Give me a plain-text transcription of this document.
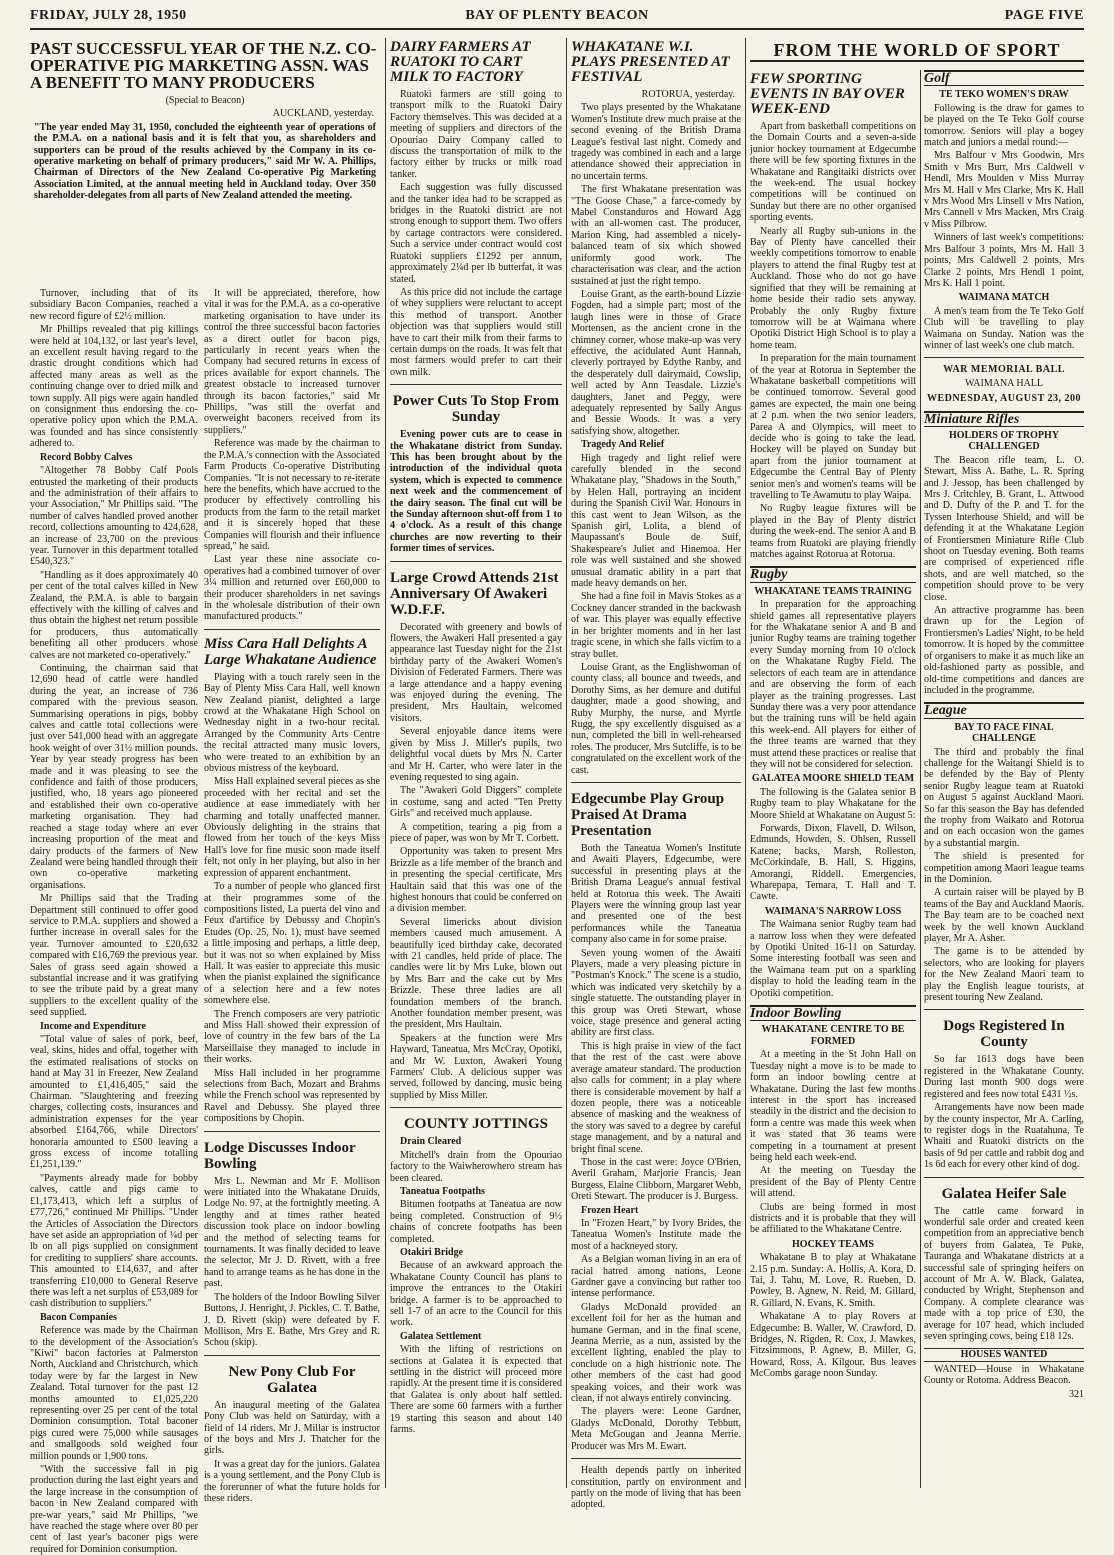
FRIDAY, JULY 28, 1950	BAY OF PLENTY BEACON	PAGE FIVE
PAST SUCCESSFUL YEAR OF THE N.Z. CO-OPERATIVE PIG MARKETING ASSN. WAS A BENEFIT TO MANY PRODUCERS
(Special to Beacon)
AUCKLAND, yesterday.
"The year ended May 31, 1950, concluded the eighteenth year of operations of the P.M.A. on a national basis and it is felt that you, as shareholders and supporters can be proud of the results achieved by the Company in its co-operative marketing on behalf of primary producers," said Mr W. A. Phillips, Chairman of Directors of the New Zealand Co-operative Pig Marketing Association Limited, at the annual meeting held in Auckland today. Over 350 shareholder-delegates from all parts of New Zealand attended the meeting.

Turnover, including that of its subsidiary Bacon Companies, reached a new record figure of £2½ million.

Mr Phillips revealed that pig killings were held at 104,132, or last year's level, an excellent result having regard to the drastic drought conditions which had affected many areas as well as the continuing change over to dried milk and town supply. All pigs were again handled on consignment thus endorsing the co-operative policy upon which the P.M.A. was founded and has since consistently adhered to.

Record Bobby Calves

"Altogether 78 Bobby Calf Pools entrusted the marketing of their products and the administration of their affairs to your Association," Mr Phillips said. "The number of calves handled proved another record, collections amounting to 424,628, an increase of 23,700 on the previous year. Turnover in this department totalled £540,323."

"Handling as it does approximately 40 per cent of the total calves killed in New Zealand, the P.M.A. is able to bargain effectively with the killing of calves and thus obtain the highest net return possible for producers, thus automatically benefiting all other producers whose calves are not marketed co-operatively."

Continuing, the chairman said that 12,690 head of cattle were handled during the year, an increase of 736 compared with the previous season. Summarising operations in pigs, bobby calves and cattle total collections were just over 541,000 head with an aggregate hook weight of over 31½ million pounds. Year by year steady progress has been made and it was pleasing to see the confidence and faith of those producers, justified, who, 18 years ago pioneered and established their own co-operative marketing organisation. They had reached a stage today where an ever increasing proportion of the meat and dairy products of the farmers of New Zealand were being handled through their own co-operative marketing organisations.

Mr Phillips said that the Trading Department still continued to offer good service to P.M.A. suppliers and showed a further increase in overall sales for the year. Turnover amounted to £20,632 compared with £16,769 the previous year. Sales of grass seed again showed a substantial increase and it was gratifying to see the tribute paid by a great many suppliers to the excellent quality of the seed supplied.

Income and Expenditure

"Total value of sales of pork, beef, veal, skins, hides and offal, together with the estimated realisations of stocks on hand at May 31 in Freezer, New Zealand amounted to £1,416,405," said the Chairman. "Slaughtering and freezing charges, collecting costs, insurances and administration expenses for the year absorbed £164,766, while Directors' honoraria amounted to £500 leaving a gross excess of income totalling £1,251,139."

"Payments already made for bobby calves, cattle and pigs came to £1,173,413, which left a surplus of £77,726," continued Mr Phillips. "Under the Articles of Association the Directors have set aside an appropriation of ¼d per lb on all pigs supplied on consignment for crediting to suppliers' share accounts. This amounted to £14,637, and after transferring £10,000 to General Reserve there was left a net surplus of £53,089 for cash distribution to suppliers."

Bacon Companies

Reference was made by the Chairman to the development of the Association's "Kiwi" bacon factories at Palmerston North, Auckland and Christchurch, which today were by far the largest in New Zealand. Total turnover for the past 12 months amounted to £1,025,220 representing over 25 per cent of the total Dominion consumption. Total baconer pigs cured were 75,000 while sausages and smallgoods sold weighed four million pounds or 1,900 tons.

"With the successive fall in pig production during the last eight years and the large increase in the consumption of bacon in New Zealand compared with pre-war years," said Mr Phillips, "we have reached the stage where over 80 per cent of last year's baconer pigs were required for Dominion consumption.

It will be appreciated, therefore, how vital it was for the P.M.A. as a co-operative marketing organisation to have under its control the three successful bacon factories as a direct outlet for bacon pigs, particularly in recent years when the Company had secured returns in excess of prices available for export channels. The greatest obstacle to increased turnover through its bacon factories," said Mr Phillips, "was still the overfat and overweight baconers received from its suppliers."

Reference was made by the chairman to the P.M.A.'s connection with the Associated Farm Products Co-operative Distributing Companies. "It is not necessary to re-iterate here the benefits, which have accrued to the producer by effectively controlling his products from the farm to the retail market and it is sincerely hoped that these Companies will flourish and their influence spread," he said.

Last year these nine associate co-operatives had a combined turnover of over 3¼ million and returned over £60,000 to their producer shareholders in net savings in the wholesale distribution of their own manufactured products."

Miss Cara Hall Delights A Large Whakatane Audience

Playing with a touch rarely seen in the Bay of Plenty Miss Cara Hall, well known New Zealand pianist, delighted a large crowd at the Whakatane High School on Wednesday night in a two-hour recital. Arranged by the Community Arts Centre the recital attracted many music lovers, who were treated to an exhibition by an obvious mistress of the keyboard.

Miss Hall explained several pieces as she proceeded with her recital and set the audience at ease immediately with her charming and totally unaffected manner. Obviously delighting in the strains that flowed from her touch of the keys Miss Hall's love for fine music soon made itself felt, not only in her playing, but also in her expression of apparent enchantment.

To a number of people who glanced first at their programmes some of the compositions listed, La puerta del vino and Feux d'artifice by Debussy and Chopin's Etudes (Op. 25, No. 1), must have seemed a little imposing and perhaps, a little deep, but it was not so when explained by Miss Hall. It was easier to appreciate this music when the pianist explained the significance of a selection here and a few notes somewhere else.

The French composers are very patriotic and Miss Hall showed their expression of love of country in the few bars of the La Marseillaise they managed to include in their works.

Miss Hall included in her programme selections from Bach, Mozart and Brahms while the French school was represented by Ravel and Debussy. She played three compositions by Chopin.

Lodge Discusses Indoor Bowling

Mrs L. Newman and Mr F. Mollison were initiated into the Whakatane Druids, Lodge No. 97, at the fortnightly meeting. A lengthy and at times rather heated discussion took place on indoor bowling and the method of selecting teams for tournaments. It was finally decided to leave the selector, Mr J. D. Rivett, with a free hand to arrange teams as he has done in the past.

The holders of the Indoor Bowling Silver Buttons, J. Henright, J. Pickles, C. T. Bathe, J. D. Rivett (skip) were defeated by F. Mollison, Mrs E. Bathe, Mrs Grey and R. Schou (skip).

New Pony Club For Galatea

An inaugural meeting of the Galatea Pony Club was held on Saturday, with a field of 14 riders. Mr J. Millar is instructor of the boys and Mrs J. Thatcher for the girls.

It was a great day for the juniors. Galatea is a young settlement, and the Pony Club is the forerunner of what the future holds for these riders.

DAIRY FARMERS AT RUATOKI TO CART MILK TO FACTORY

Ruatoki farmers are still going to transport milk to the Ruatoki Dairy Factory themselves. This was decided at a meeting of suppliers and directors of the Opouriao Dairy Company called to discuss the transportation of milk to the factory either by trucks or milk road tanker.

Each suggestion was fully discussed and the tanker idea had to be scrapped as bridges in the Ruatoki district are not strong enough to support them. Two offers by cartage contractors were considered. Such a service under contract would cost Ruatoki suppliers £1292 per annum, approximately 2¼d per lb butterfat, it was stated.

As this price did not include the cartage of whey suppliers were reluctant to accept this method of transport. Another objection was that suppliers would still have to cart their milk from their farms to certain dumps on the roads. It was felt that most farmers would prefer to cart their own milk.

Power Cuts To Stop From Sunday

Evening power cuts are to cease in the Whakatane district from Sunday. This has been brought about by the introduction of the individual quota system, which is expected to commence next week and the commencement of the dairy season. The final cut will be the Sunday afternoon shut-off from 1 to 4 o'clock. As a result of this change churches are now reverting to their former times of services.

Large Crowd Attends 21st Anniversary Of Awakeri W.D.F.F.

Decorated with greenery and bowls of flowers, the Awakeri Hall presented a gay appearance last Tuesday night for the 21st birthday party of the Awakeri Women's Division of Federated Farmers. There was a large attendance and a happy evening was enjoyed during the evening. The president, Mrs Haultain, welcomed visitors.

Several enjoyable dance items were given by Miss J. Miller's pupils, two delightful vocal duets by Mrs N. Carter and Mr H. Carter, who were later in the evening requested to sing again.

The "Awakeri Gold Diggers" complete in costume, sang and acted "Ten Pretty Girls" and received much applause.

A competition, tearing a pig from a piece of paper, was won by Mr T. Corbett.

Opportunity was taken to present Mrs Brizzle as a life member of the branch and in presenting the special certificate, Mrs Haultain said that this was one of the highest honours that could be conferred on a division member.

Several limericks about division members caused much amusement. A beautifully iced birthday cake, decorated with 21 candles, held pride of place. The candles were lit by Mrs Luke, blown out by Mrs Barr and the cake cut by Mrs Brizzle. These three ladies are all foundation members of the branch. Another foundation member present, was the president, Mrs Haultain.

Speakers at the function were Mrs Hayward, Taneatua, Mrs McCray, Opotiki, and Mr W. Luxton, Awakeri Young Farmers' Club. A delicious supper was served, followed by dancing, music being supplied by Miss Miller.

COUNTY JOTTINGS

Drain Cleared

Mitchell's drain from the Opouriao factory to the Waiwherowhero stream has been cleared.

Taneatua Footpaths

Bitumen footpaths at Taneatua are now being completed. Construction of 9½ chains of concrete footpaths has been completed.

Otakiri Bridge

Because of an awkward approach the Whakatane County Council has plans to improve the entrances to the Otakiri bridge. A farmer is to be approached to sell 1-7 of an acre to the Council for this work.

Galatea Settlement

With the lifting of restrictions on sections at Galatea it is expected that settling in the district will proceed more rapidly. At the present time it is considered that Galatea is only about half settled. There are some 60 farmers with a further 19 starting this season and about 140 farms.

WHAKATANE W.I. PLAYS PRESENTED AT FESTIVAL
ROTORUA, yesterday.

Two plays presented by the Whakatane Women's Institute drew much praise at the second evening of the British Drama League's festival last night. Comedy and tragedy was combined in each and a large attendance showed their appreciation in no uncertain terms.

The first Whakatane presentation was "The Goose Chase," a farce-comedy by Mabel Constanduros and Howard Agg with an all-women cast. The producer, Marion King, had assembled a nicely-balanced team of six which showed uniformly good work. The characterisation was clear, and the action sustained at just the right tempo.

Louise Grant, as the earth-bound Lizzie Fogden, had a simple part; most of the laugh lines were in those of Grace Mortensen, as the ancient crone in the chimney corner, whose make-up was very effective, the acidulated Aunt Hannah, cleverly portrayed by Edythe Ranby, and the desperately dull dairymaid, Cowslip, well acted by Ann Teasdale. Lizzie's daughters, Janet and Peggy, were adequately represented by Sally Angus and Bessie Woods. It was a very satisfying show, altogether.

Tragedy And Relief

High tragedy and light relief were carefully blended in the second Whakatane play, "Shadows in the South," by Helen Hall, portraying an incident during the Spanish Civil War. Honours in this cast went to Jean Wilson, as the Spanish girl, Lolita, a blend of Maupassant's Boule de Suif, Shakespeare's Juliet and Hinemoa. Her role was well sustained and she showed unusual dramatic ability in a part that made heavy demands on her.

She had a fine foil in Mavis Stokes as a Cockney dancer stranded in the backwash of war. This player was equally effective in her brighter moments and in her last tragic scene, in which she falls victim to a stray bullet.

Louise Grant, as the Englishwoman of county class, all bounce and tweeds, and Dorothy Sims, as her demure and dutiful daughter, made a good showing, and Ruby Murphy, the nurse, and Myrtle Rugg, the spy excellently disguised as a nun, completed the bill in well-rehearsed roles. The producer, Mrs Sutcliffe, is to be congratulated on the excellent work of the cast.

Edgecumbe Play Group Praised At Drama Presentation

Both the Taneatua Women's Institute and Awaiti Players, Edgecumbe, were successful in presenting plays at the British Drama League's annual festival held at Rotorua this week. The Awaiti Players were the winning group last year and presented one of the best performances while the Taneatua company also came in for some praise.

Seven young women of the Awaiti Players, made a very pleasing picture in "Postman's Knock." The scene is a studio, which was indicated very sketchily by a single statuette. The outstanding player in this group was Oreti Stewart, whose voice, stage presence and general acting ability are first class.

This is high praise in view of the fact that the rest of the cast were above average amateur standard. The production also calls for comment; in a play where there is considerable movement by half a dozen people, there was a noticeable absence of masking and the weakness of the story was saved to a degree by careful stage management, and by a natural and bright final scene.

Those in the cast were: Joyce O'Brien, Averil Graham, Marjorie Francis, Jean Burgess, Elaine Clibborn, Margaret Webb, Oreti Stewart. The producer is J. Burgess.

Frozen Heart

In "Frozen Heart," by Ivory Brides, the Taneatua Women's Institute made the most of a hackneyed story.

As a Belgian woman living in an era of racial hatred among nations, Leone Gardner gave a convincing but rather too intense performance.

Gladys McDonald provided an excellent foil for her as the human and humane German, and in the final scene, Jeanna Merrie, as a nun, assisted by the excellent lighting, enabled the play to conclude on a high histrionic note. The other members of the cast had good speaking voices, and their work was clean, if not always entirely convincing.

The players were: Leone Gardner, Gladys McDonald, Dorothy Tebbutt, Meta McGougan and Jeanna Merrie. Producer was Mrs M. Ewart.

Health depends partly on inherited constitution, partly on environment and partly on the mode of living that has been adopted.

FROM THE WORLD OF SPORT
FEW SPORTING EVENTS IN BAY OVER WEEK-END

Apart from basketball competitions on the Domain Courts and a seven-a-side junior hockey tournament at Edgecumbe there will be few sporting fixtures in the Whakatane and Rangitaiki districts over the week-end. The usual hockey competitions will be continued on Sunday but there are no other organised sporting events.

Nearly all Rugby sub-unions in the Bay of Plenty have cancelled their weekly competitions tomorrow to enable players to attend the final Rugby test at Auckland. Those who do not go have signified that they will be remaining at home beside their radio sets anyway. Probably the only Rugby fixture tomorrow will be at Waimana where Opotiki District High School is to play a home team.

In preparation for the main tournament of the year at Rotorua in September the Whakatane basketball competitions will be continued tomorrow. Several good games are expected, the main one being at 2 p.m. when the two senior leaders, Parea A and Olympics, will meet to decide who is going to take the lead. Hockey will be played on Sunday but apart from the junior tournament at Edgecumbe the Central Bay of Plenty senior men's and women's teams will be travelling to Te Awamutu to play Waipa.

No Rugby league fixtures will be played in the Bay of Plenty district during the week-end. The senior A and B teams from Ruatoki are playing friendly matches against Rotorua at Rotorua.

Rugby
WHAKATANE TEAMS TRAINING

In preparation for the approaching shield games all representative players for the Whakatane senior A and B and junior Rugby teams are training together every Sunday morning from 10 o'clock on the Whakatane Rugby Field. The selectors of each team are in attendance and are observing the form of each player as the training progresses. Last Sunday there was a very poor attendance but the training runs will be held again this week-end. All players for either of the three teams are warned that they must attend these practices or realise that they will not be considered for selection.

GALATEA MOORE SHIELD TEAM

The following is the Galatea senior B Rugby team to play Whakatane for the Moore Shield at Whakatane on August 5:

Forwards, Dixon, Flavell, D. Wilson, Edmunds, Howden, S. Ohlsen, Russell Katene; backs, Marsh, Rolleston, McCorkindale, B. Hall, S. Higgins, Amorangi, Riddell. Emergencies, Wharepapa, Temara, T. Hall and T. Cawte.

WAIMANA'S NARROW LOSS

The Waimana senior Rugby team had a narrow loss when they were defeated by Opotiki United 16-11 on Saturday. Some interesting football was seen and the Waimana team put on a sparkling display to hold the leading team in the Opotiki competition.

Indoor Bowling
WHAKATANE CENTRE TO BE FORMED

At a meeting in the St John Hall on Tuesday night a move is to be made to form an indoor bowling centre at Whakatane. During the last few months interest in the sport has increased steadily in the district and the decision to form a centre was made this week when it was stated that 36 teams were competing in a tournament at present being held each week-end.

At the meeting on Tuesday the president of the Bay of Plenty Centre will attend.

Clubs are being formed in most districts and it is probable that they will be affiliated to the Whakatane Centre.

HOCKEY TEAMS

Whakatane B to play at Whakatane 2.15 p.m. Sunday: A. Hollis, A. Kora, D. Tai, J. Tahu, M. Love, R. Rueben, D. Powley, B. Agnew, N. Reid, M. Gillard, R. Gillard, N. Evans, K. Smith.

Whakatane A to play Rovers at Edgecumbe: B. Waller, W. Crawford, D. Bridges, N. Rigden, R. Cox, J. Mawkes, Fitzsimmons, P. Agnew, B. Miller, G. Howard, Ross, A. Kilgour. Bus leaves McCombs garage noon Sunday.

Golf
TE TEKO WOMEN'S DRAW

Following is the draw for games to be played on the Te Teko Golf course tomorrow. Seniors will play a bogey match and juniors a medal round:—

Mrs Balfour v Mrs Goodwin, Mrs Smith v Mrs Burr, Mrs Caldwell v Hendl, Mrs Moulden v Miss Murray Mrs M. Hall v Mrs Clarke, Mrs K. Hall v Mrs Wood Mrs Linsell v Mrs Nation, Mrs Cannell v Mrs Macken, Mrs Craig v Miss Pilbrow.

Winners of last week's competitions: Mrs Balfour 3 points, Mrs M. Hall 3 points, Mrs Caldwell 2 points, Mrs Clarke 2 points, Mrs Hendl 1 point, Mrs K. Hall 1 point.

WAIMANA MATCH

A men's team from the Te Teko Golf Club will be travelling to play Waimana on Sunday. Nation was the winner of last week's one club match.

WAR MEMORIAL BALL
WAIMANA HALL
WEDNESDAY, AUGUST 23, 200
Miniature Rifles
HOLDERS OF TROPHY CHALLENGED

The Beacon rifle team, L. O. Stewart, Miss A. Bathe, L. R. Spring and J. Jessop, has been challenged by Mrs J. Critchley, B. Grant, L. Attwood and D. Dufty of the P. and T. for the Tyssen Interhouse Shield, and will be defending it at the Whakatane Legion of Frontiersmen Miniature Rifle Club shoot on Tuesday evening. Both teams are comprised of experienced rifle shots, and are well matched, so the competition should prove to be very close.

An attractive programme has been drawn up for the Legion of Frontiersmen's Ladies' Night, to be held tomorrow. It is hoped by the committee of organisers to make it as much like an old-fashioned party as possible, and old-time competitions and dances are included in the programme.

League
BAY TO FACE FINAL CHALLENGE

The third and probably the final challenge for the Waitangi Shield is to be defended by the Bay of Plenty senior Rugby league team at Ruatoki on August 5 against Auckland Maori. So far this season the Bay has defended the trophy from Waikato and Rotorua and on each occasion won the games by a substantial margin.

The shield is presented for competition among Maori league teams in the Dominion.

A curtain raiser will be played by B teams of the Bay and Auckland Maoris. The Bay team are to be coached next week by the well known Auckland player, Mr A. Asher.

The game is to be attended by selectors, who are looking for players for the New Zealand Maori team to play the English league tourists, at present touring New Zealand.

Dogs Registered In County

So far 1613 dogs have been registered in the Whakatane County. During last month 900 dogs were registered and fees now total £431 ½s.

Arrangements have now been made by the county inspector, Mr A. Carling, to register dogs in the Ruatahuna, Te Whaiti and Ruatoki districts on the basis of 9d per cattle and rabbit dog and 1s 6d each for every other kind of dog.

Galatea Heifer Sale

The cattle came forward in wonderful sale order and created keen competition from an appreciative bench of buyers from Galatea, Te Puke, Tauranga and Whakatane districts at a successful sale of springing heifers on account of Mr A. W. Black, Galatea, conducted by Wright, Stephenson and Company. A complete clearance was made with a top price of £30, the average for 107 head, which included seven springing cows, being £18 12s.

HOUSES WANTED

WANTED—House in Whakatane County or Rotoma. Address Beacon.

321
